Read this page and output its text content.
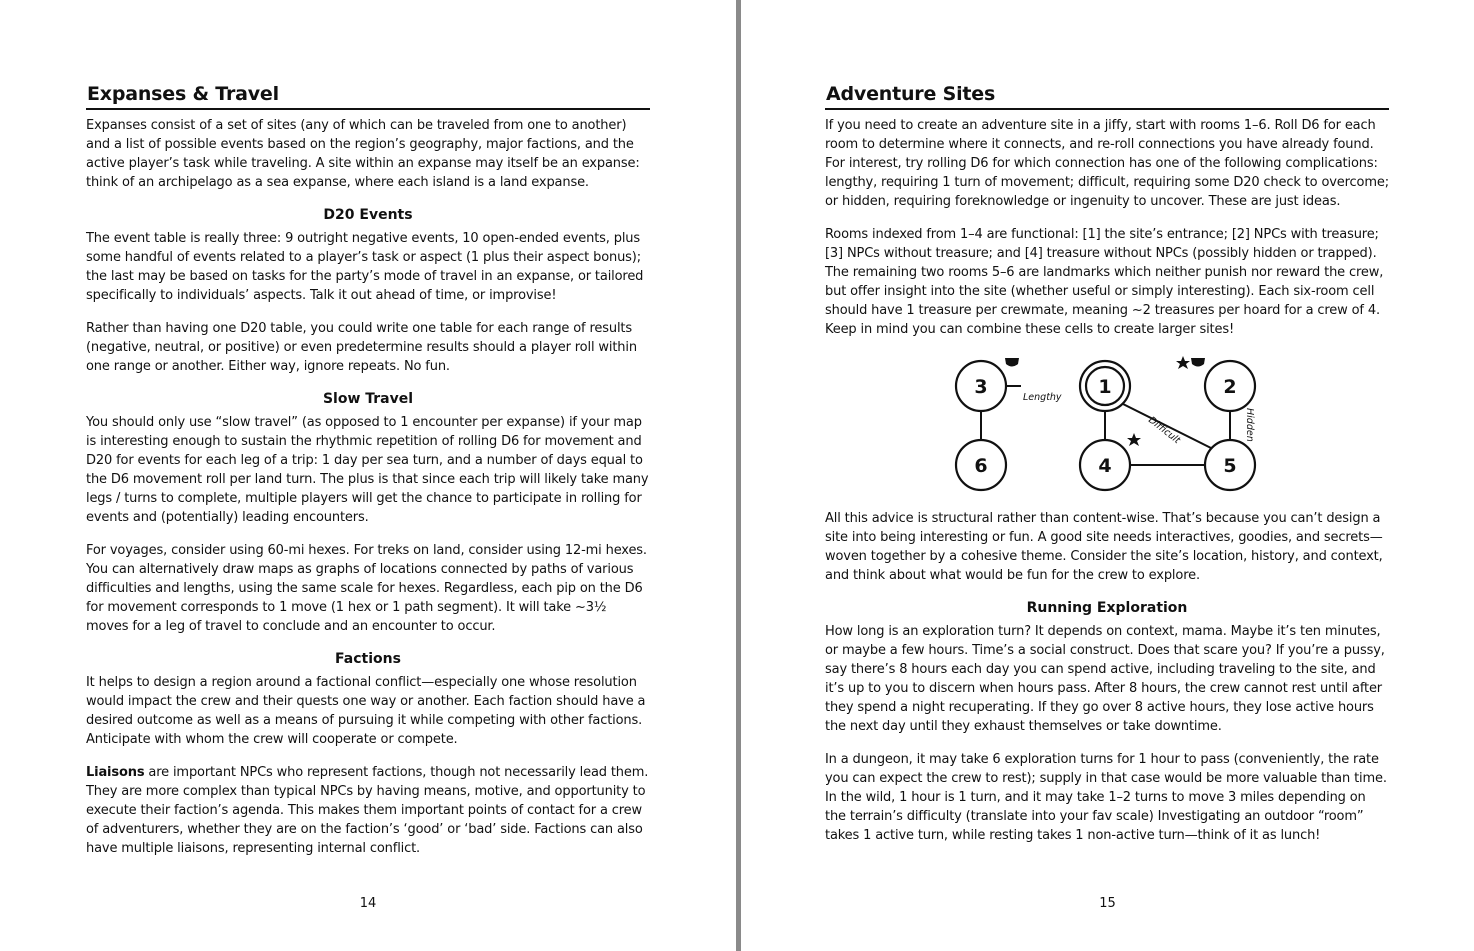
Expanses & Travel

Expanses consist of a set of sites (any of which can be traveled from one to another) and a list of possible events based on the region’s geography, major factions, and the active player’s task while traveling. A site within an expanse may itself be an expanse: think of an archipelago as a sea expanse, where each island is a land expanse.

D20 Events

The event table is really three: 9 outright negative events, 10 open-ended events, plus some handful of events related to a player’s task or aspect (1 plus their aspect bonus); the last may be based on tasks for the party’s mode of travel in an expanse, or tailored specifically to individuals’ aspects. Talk it out ahead of time, or improvise!

Rather than having one D20 table, you could write one table for each range of results (negative, neutral, or positive) or even predetermine results should a player roll within one range or another. Either way, ignore repeats. No fun.

Slow Travel

You should only use “slow travel” (as opposed to 1 encounter per expanse) if your map is interesting enough to sustain the rhythmic repetition of rolling D6 for movement and D20 for events for each leg of a trip: 1 day per sea turn, and a number of days equal to the D6 movement roll per land turn. The plus is that since each trip will likely take many legs / turns to complete, multiple players will get the chance to participate in rolling for events and (potentially) leading encounters.

For voyages, consider using 60-mi hexes. For treks on land, consider using 12-mi hexes. You can alternatively draw maps as graphs of locations connected by paths of various difficulties and lengths, using the same scale for hexes. Regardless, each pip on the D6 for movement corresponds to 1 move (1 hex or 1 path segment). It will take ~3½ moves for a leg of travel to conclude and an encounter to occur.

Factions

It helps to design a region around a factional conflict—especially one whose resolution would impact the crew and their quests one way or another. Each faction should have a desired outcome as well as a means of pursuing it while competing with other factions. Anticipate with whom the crew will cooperate or compete.

Liaisons are important NPCs who represent factions, though not necessarily lead them. They are more complex than typical NPCs by having means, motive, and opportunity to execute their faction’s agenda. This makes them important points of contact for a crew of adventurers, whether they are on the faction’s ‘good’ or ‘bad’ side. Factions can also have multiple liaisons, representing internal conflict.

14
Adventure Sites

If you need to create an adventure site in a jiffy, start with rooms 1–6. Roll D6 for each room to determine where it connects, and re-roll connections you have already found. For interest, try rolling D6 for which connection has one of the following complications: lengthy, requiring 1 turn of movement; difficult, requiring some D20 check to overcome; or hidden, requiring foreknowledge or ingenuity to uncover. These are just ideas.

Rooms indexed from 1–4 are functional: [1] the site’s entrance; [2] NPCs with treasure; [3] NPCs without treasure; and [4] treasure without NPCs (possibly hidden or trapped). The remaining two rooms 5–6 are landmarks which neither punish nor reward the crew, but offer insight into the site (whether useful or simply interesting). Each six-room cell should have 1 treasure per crewmate, meaning ~2 treasures per hoard for a crew of 4. Keep in mind you can combine these cells to create larger sites!

3	1	2
6	4	5
Lengthy
Difficult	Hidden

All this advice is structural rather than content-wise. That’s because you can’t design a site into being interesting or fun. A good site needs interactives, goodies, and secrets—woven together by a cohesive theme. Consider the site’s location, history, and context, and think about what would be fun for the crew to explore.

Running Exploration

How long is an exploration turn? It depends on context, mama. Maybe it’s ten minutes, or maybe a few hours. Time’s a social construct. Does that scare you? If you’re a pussy, say there’s 8 hours each day you can spend active, including traveling to the site, and it’s up to you to discern when hours pass. After 8 hours, the crew cannot rest until after they spend a night recuperating. If they go over 8 active hours, they lose active hours the next day until they exhaust themselves or take downtime.

In a dungeon, it may take 6 exploration turns for 1 hour to pass (conveniently, the rate you can expect the crew to rest); supply in that case would be more valuable than time. In the wild, 1 hour is 1 turn, and it may take 1–2 turns to move 3 miles depending on the terrain’s difficulty (translate into your fav scale) Investigating an outdoor “room” takes 1 active turn, while resting takes 1 non-active turn—think of it as lunch!

15
